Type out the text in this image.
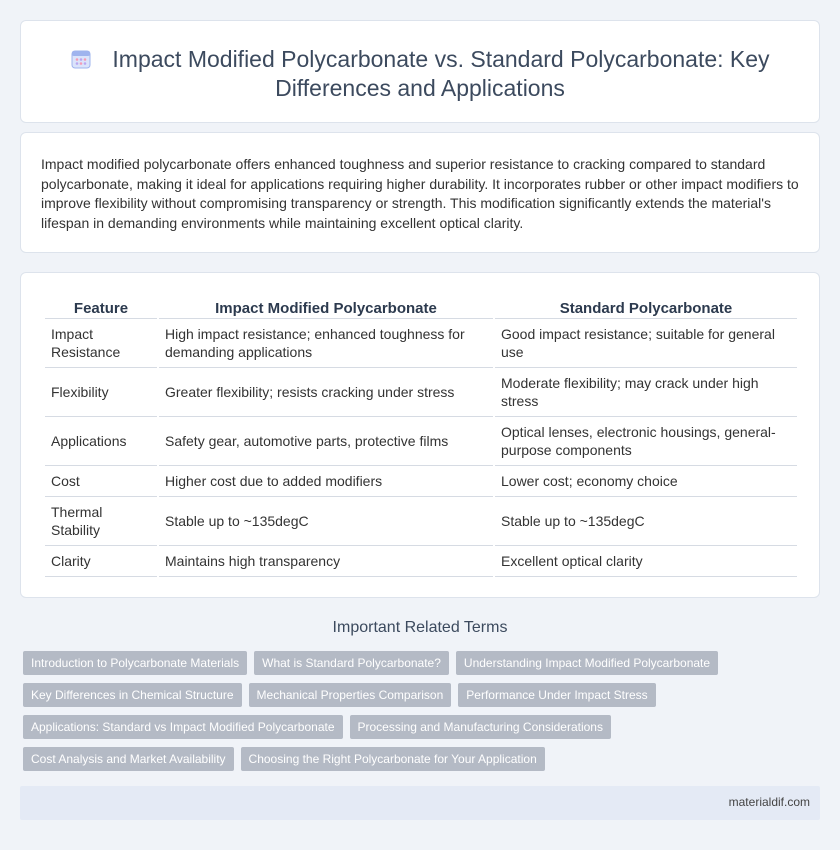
Impact Modified Polycarbonate vs. Standard Polycarbonate: Key Differences and Applications

Impact modified polycarbonate offers enhanced toughness and superior resistance to cracking compared to standard polycarbonate, making it ideal for applications requiring higher durability. It incorporates rubber or other impact modifiers to improve flexibility without compromising transparency or strength. This modification significantly extends the material's lifespan in demanding environments while maintaining excellent optical clarity.

Feature	Impact Modified Polycarbonate	Standard Polycarbonate
Impact Resistance	High impact resistance; enhanced toughness for demanding applications	Good impact resistance; suitable for general use
Flexibility	Greater flexibility; resists cracking under stress	Moderate flexibility; may crack under high stress
Applications	Safety gear, automotive parts, protective films	Optical lenses, electronic housings, general-purpose components
Cost	Higher cost due to added modifiers	Lower cost; economy choice
Thermal Stability	Stable up to ~135degC	Stable up to ~135degC
Clarity	Maintains high transparency	Excellent optical clarity
Important Related Terms
Introduction to Polycarbonate Materials	What is Standard Polycarbonate?	Understanding Impact Modified Polycarbonate
Key Differences in Chemical Structure	Mechanical Properties Comparison	Performance Under Impact Stress
Applications: Standard vs Impact Modified Polycarbonate	Processing and Manufacturing Considerations
Cost Analysis and Market Availability	Choosing the Right Polycarbonate for Your Application
materialdif.com
